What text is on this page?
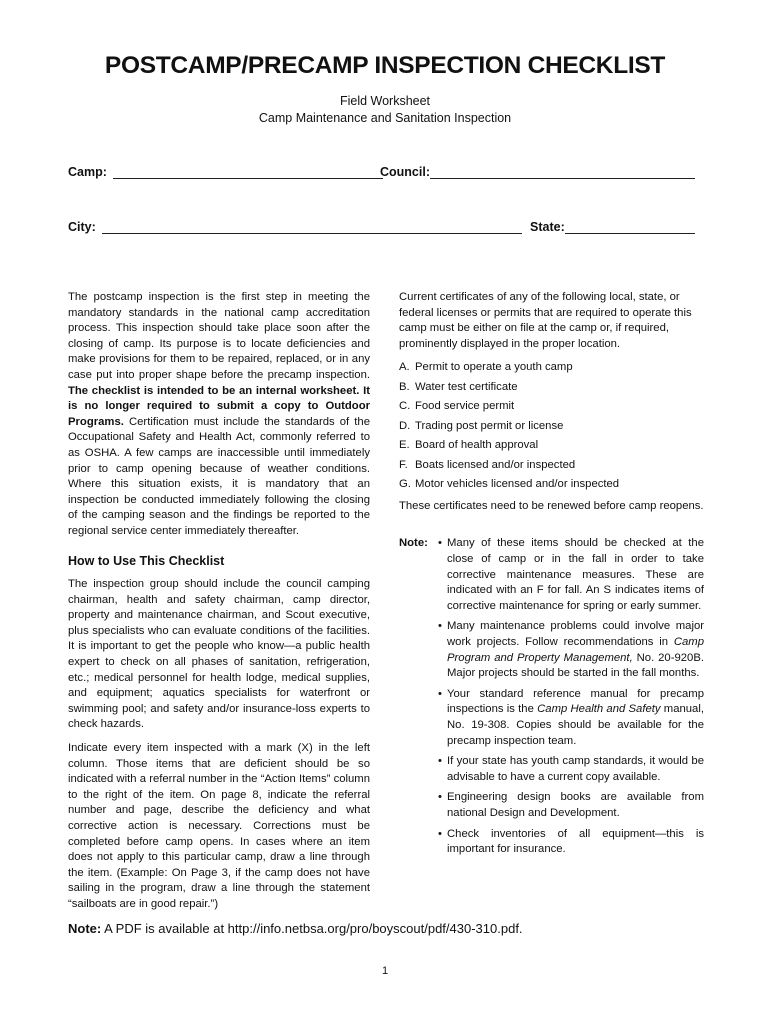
POSTCAMP/PRECAMP INSPECTION CHECKLIST
Field Worksheet
Camp Maintenance and Sanitation Inspection
Camp:	Council:
City:	State:

The postcamp inspection is the first step in meeting the mandatory standards in the national camp accreditation process. This inspection should take place soon after the closing of camp. Its purpose is to locate deficiencies and make provisions for them to be repaired, replaced, or in any case put into proper shape before the precamp inspection. The checklist is intended to be an internal worksheet. It is no longer required to submit a copy to Outdoor Programs. Certification must include the standards of the Occupational Safety and Health Act, commonly referred to as OSHA. A few camps are inaccessible until immediately prior to camp opening because of weather conditions. Where this situation exists, it is mandatory that an inspection be conducted immediately following the closing of the camping season and the findings be reported to the regional service center immediately thereafter.

How to Use This Checklist

The inspection group should include the council camping chairman, health and safety chairman, camp director, property and maintenance chairman, and Scout executive, plus specialists who can evaluate conditions of the facilities. It is important to get the people who know—a public health expert to check on all phases of sanitation, refrigeration, etc.; medical personnel for health lodge, medical supplies, and equipment; aquatics specialists for waterfront or swimming pool; and safety and/or insurance-loss experts to check hazards.

Indicate every item inspected with a mark (X) in the left column. Those items that are deficient should be so indicated with a referral number in the “Action Items” column to the right of the item. On page 8, indicate the referral number and page, describe the deficiency and what corrective action is necessary. Corrections must be completed before camp opens. In cases where an item does not apply to this particular camp, draw a line through the item. (Example: On Page 3, if the camp does not have sailing in the program, draw a line through the statement “sailboats are in good repair.”)

Current certificates of any of the following local, state, or federal licenses or permits that are required to operate this camp must be either on file at the camp or, if required, prominently displayed in the proper location.

A. Permit to operate a youth camp
B. Water test certificate
C. Food service permit
D. Trading post permit or license
E. Board of health approval
F. Boats licensed and/or inspected
G. Motor vehicles licensed and/or inspected

These certificates need to be renewed before camp reopens.

Note: • Many of these items should be checked at the close of camp or in the fall in order to take corrective maintenance measures. These are indicated with an F for fall. An S indicates items of corrective maintenance for spring or early summer.
• Many maintenance problems could involve major work projects. Follow recommendations in Camp Program and Property Management, No. 20-920B. Major projects should be started in the fall months.
• Your standard reference manual for precamp inspections is the Camp Health and Safety manual, No. 19-308. Copies should be available for the precamp inspection team.
• If your state has youth camp standards, it would be advisable to have a current copy available.
• Engineering design books are available from national Design and Development.
• Check inventories of all equipment—this is important for insurance.
Note: A PDF is available at http://info.netbsa.org/pro/boyscout/pdf/430-310.pdf.
1
